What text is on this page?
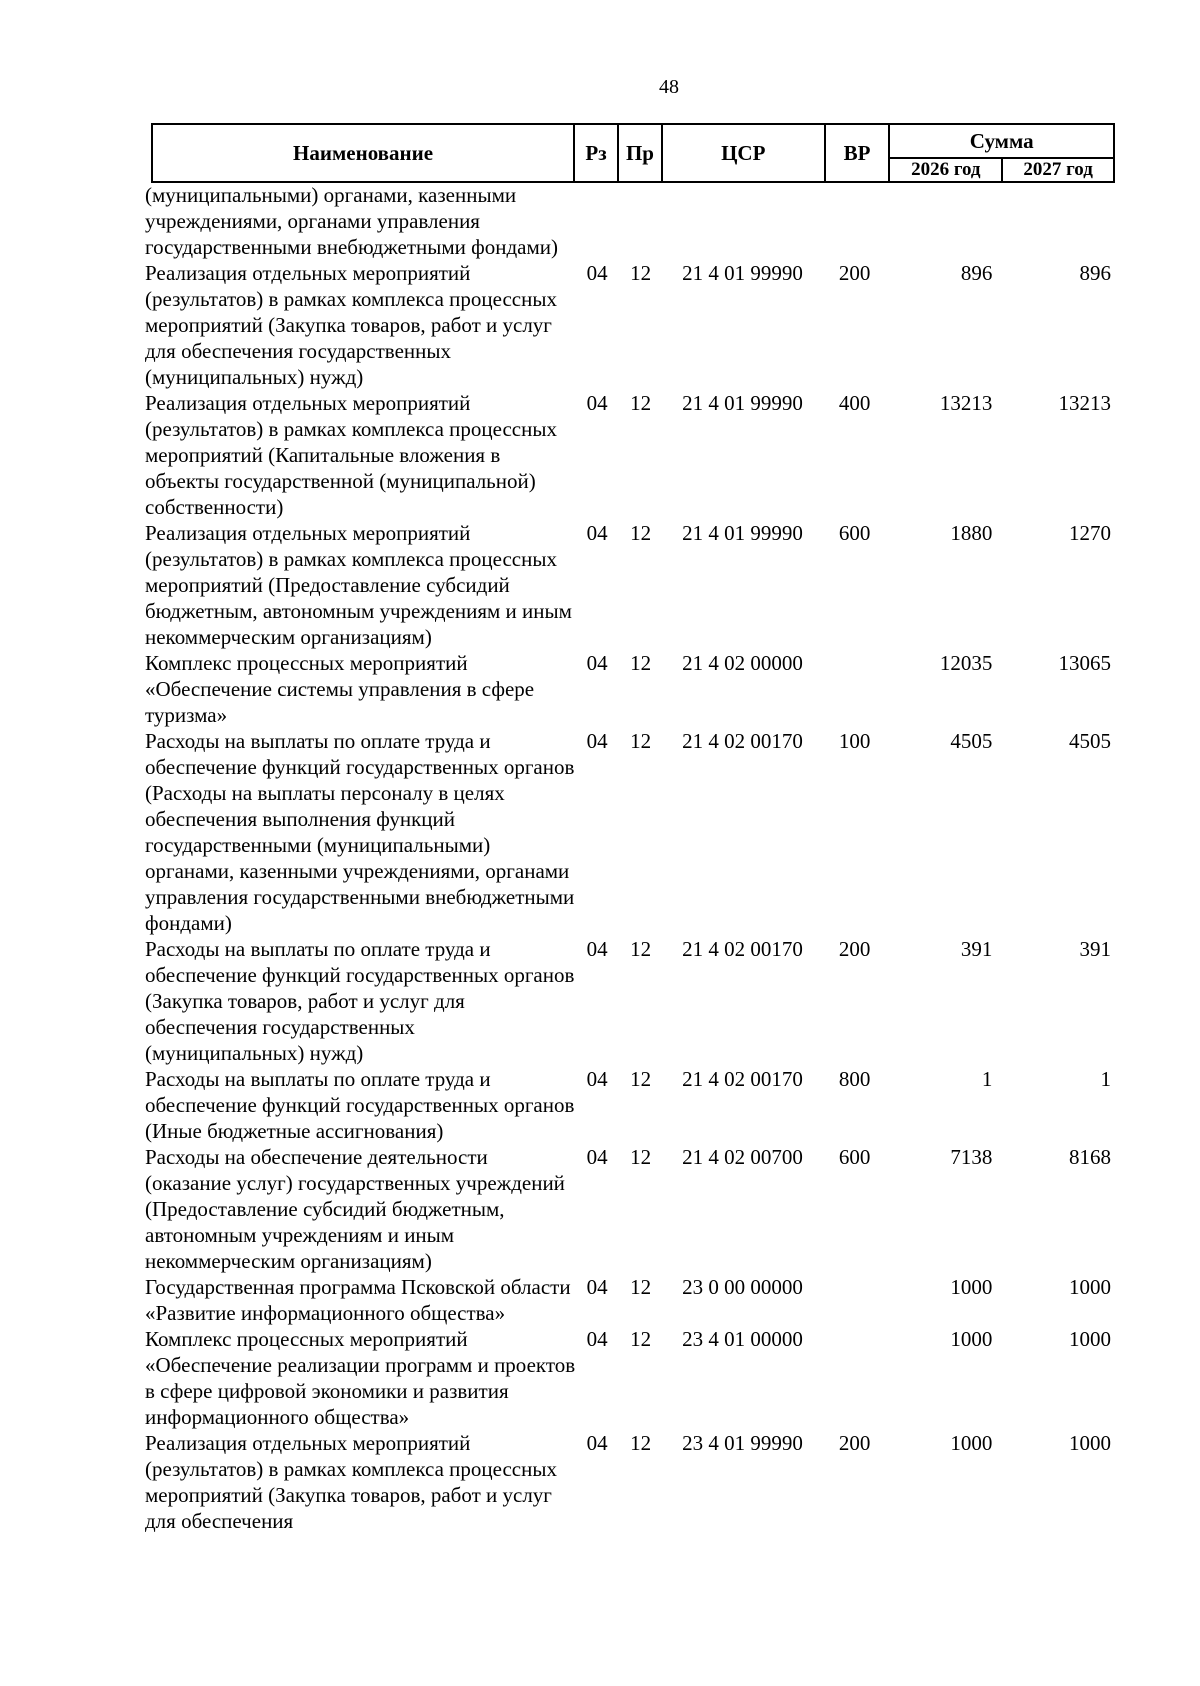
48
Наименование	Рз	Пр	ЦСР	ВР	Сумма	
					2026 год	2027 год
(муниципальными) органами, казенными учреждениями, органами управления государственными внебюджетными фондами)						
Реализация отдельных мероприятий (результатов) в рамках комплекса процессных мероприятий (Закупка товаров, работ и услуг для обеспечения государственных (муниципальных) нужд)	04	12	21 4 01 99990	200	896	896
Реализация отдельных мероприятий (результатов) в рамках комплекса процессных мероприятий (Капитальные вложения в объекты государственной (муниципальной) собственности)	04	12	21 4 01 99990	400	13213	13213
Реализация отдельных мероприятий (результатов) в рамках комплекса процессных мероприятий (Предоставление субсидий бюджетным, автономным учреждениям и иным некоммерческим организациям)	04	12	21 4 01 99990	600	1880	1270
Комплекс процессных мероприятий «Обеспечение системы управления в сфере туризма»	04	12	21 4 02 00000		12035	13065
Расходы на выплаты по оплате труда и обеспечение функций государственных органов (Расходы на выплаты персоналу в целях обеспечения выполнения функций государственными (муниципальными) органами, казенными учреждениями, органами управления государственными внебюджетными фондами)	04	12	21 4 02 00170	100	4505	4505
Расходы на выплаты по оплате труда и обеспечение функций государственных органов (Закупка товаров, работ и услуг для обеспечения государственных (муниципальных) нужд)	04	12	21 4 02 00170	200	391	391
Расходы на выплаты по оплате труда и обеспечение функций государственных органов (Иные бюджетные ассигнования)	04	12	21 4 02 00170	800	1	1
Расходы на обеспечение деятельности (оказание услуг) государственных учреждений (Предоставление субсидий бюджетным, автономным учреждениям и иным некоммерческим организациям)	04	12	21 4 02 00700	600	7138	8168
Государственная программа Псковской области «Развитие информационного общества»	04	12	23 0 00 00000		1000	1000
Комплекс процессных мероприятий «Обеспечение реализации программ и проектов в сфере цифровой экономики и развития информационного общества»	04	12	23 4 01 00000		1000	1000
Реализация отдельных мероприятий (результатов) в рамках комплекса процессных мероприятий (Закупка товаров, работ и услуг для обеспечения	04	12	23 4 01 99990	200	1000	1000
